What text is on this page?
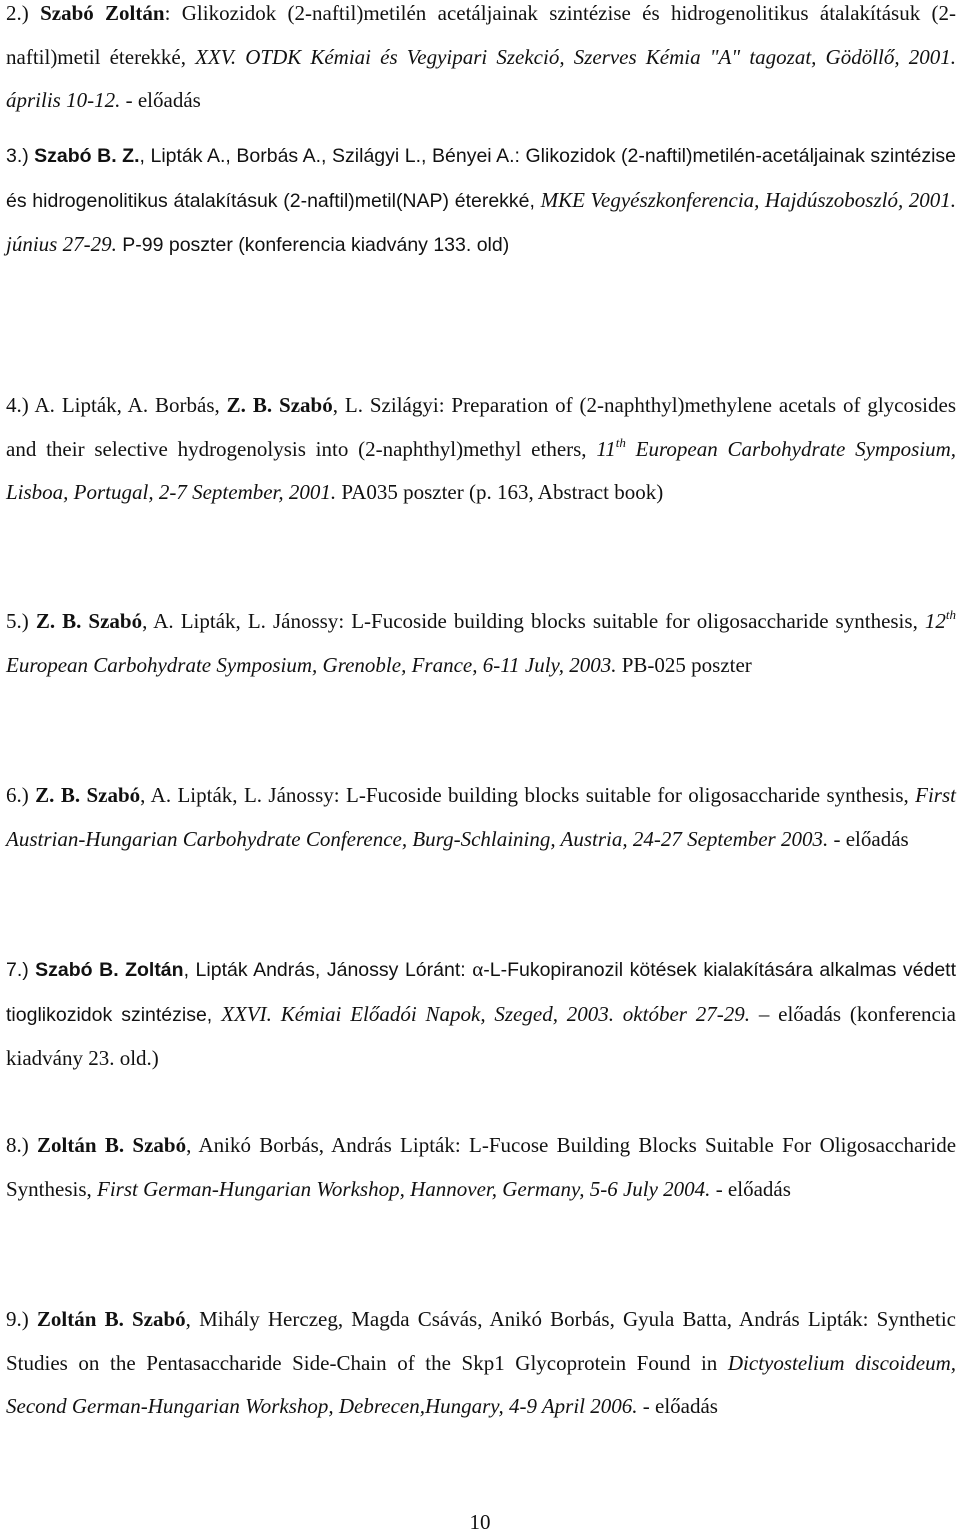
2.) Szabó Zoltán: Glikozidok (2-naftil)metilén acetáljainak szintézise és hidrogenolitikus átalakításuk (2-naftil)metil éterekké, XXV. OTDK Kémiai és Vegyipari Szekció, Szerves Kémia "A" tagozat, Gödöllő, 2001. április 10-12. - előadás
3.) Szabó B. Z., Lipták A., Borbás A., Szilágyi L., Bényei A.: Glikozidok (2-naftil)metilén-acetáljainak szintézise és hidrogenolitikus átalakításuk (2-naftil)metil(NAP) éterekké, MKE Vegyészkonferencia, Hajdúszoboszló, 2001. június 27-29. P-99 poszter (konferencia kiadvány 133. old)
4.) A. Lipták, A. Borbás, Z. B. Szabó, L. Szilágyi: Preparation of (2-naphthyl)methylene acetals of glycosides and their selective hydrogenolysis into (2-naphthyl)methyl ethers, 11th European Carbohydrate Symposium, Lisboa, Portugal, 2-7 September, 2001. PA035 poszter (p. 163, Abstract book)
5.) Z. B. Szabó, A. Lipták, L. Jánossy: L-Fucoside building blocks suitable for oligosaccharide synthesis, 12th European Carbohydrate Symposium, Grenoble, France, 6-11 July, 2003. PB-025 poszter
6.) Z. B. Szabó, A. Lipták, L. Jánossy: L-Fucoside building blocks suitable for oligosaccharide synthesis, First Austrian-Hungarian Carbohydrate Conference, Burg-Schlaining, Austria, 24-27 September 2003. - előadás
7.) Szabó B. Zoltán, Lipták András, Jánossy Lóránt: α-L-Fukopiranozil kötések kialakítására alkalmas védett tioglikozidok szintézise, XXVI. Kémiai Előadói Napok, Szeged, 2003. október 27-29. – előadás (konferencia kiadvány 23. old.)
8.) Zoltán B. Szabó, Anikó Borbás, András Lipták: L-Fucose Building Blocks Suitable For Oligosaccharide Synthesis, First German-Hungarian Workshop, Hannover, Germany, 5-6 July 2004. - előadás
9.) Zoltán B. Szabó, Mihály Herczeg, Magda Csávás, Anikó Borbás, Gyula Batta, András Lipták: Synthetic Studies on the Pentasaccharide Side-Chain of the Skp1 Glycoprotein Found in Dictyostelium discoideum, Second German-Hungarian Workshop, Debrecen,Hungary, 4-9 April 2006. - előadás
10
